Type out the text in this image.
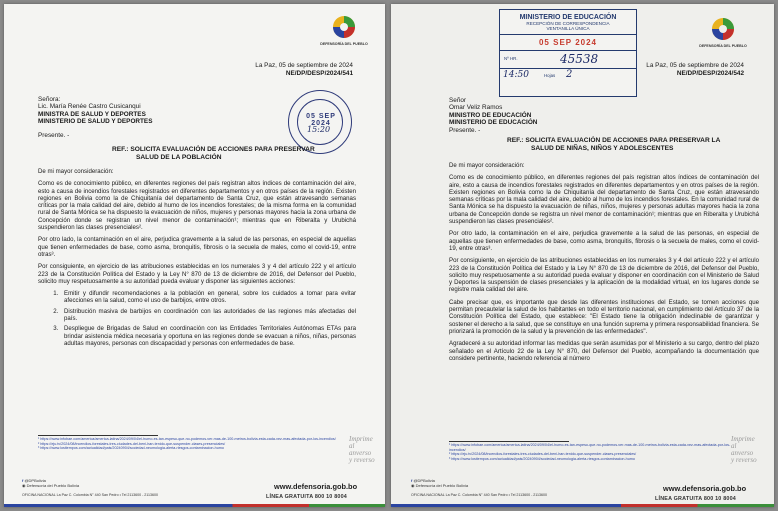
DEFENSORÍA DEL PUEBLO
La Paz, 05 de septiembre de 2024
NE/DP/DESP/2024/541
05 SEP 2024
15:20
Señora:
Lic. María Renée Castro Cusicanqui
MINISTRA DE SALUD Y DEPORTES
MINISTERIO DE SALUD Y DEPORTES
Presente. -
REF.: SOLICITA EVALUACIÓN DE ACCIONES PARA PRESERVAR
SALUD DE LA POBLACIÓN

De mi mayor consideración:

Como es de conocimiento público, en diferentes regiones del país registran altos índices de contaminación del aire, esto a causa de incendios forestales registrados en diferentes departamentos y en otros países de la región. Existen regiones en Bolivia como la de Chiquitanía del departamento de Santa Cruz, que están atravesando semanas críticas por la mala calidad del aire, debido al humo de los incendios forestales; de la misma forma en la comunidad rural de Santa Mónica se ha dispuesto la evacuación de niños, mujeres y personas mayores hacia la zona urbana de Concepción donde se registran un nivel menor de contaminación¹; mientras que en Riberalta y Urubichá suspendieron las clases presenciales².

Por otro lado, la contaminación en el aire, perjudica gravemente a la salud de las personas, en especial de aquellas que tienen enfermedades de base, como asma, bronquitis, fibrosis o la secuela de males, como el covid-19, entre otras³.

Por consiguiente, en ejercicio de las atribuciones establecidas en los numerales 3 y 4 del artículo 222 y el artículo 223 de la Constitución Política del Estado y la Ley N° 870 de 13 de diciembre de 2016, del Defensor del Pueblo, solicito muy respetuosamente a su autoridad pueda evaluar y disponer las siguientes acciones:

1. Emitir y difundir recomendaciones a la población en general, sobre los cuidados a tomar para evitar afecciones en la salud, como el uso de barbijos, entre otros.
2. Distribución masiva de barbijos en coordinación con las autoridades de las regiones más afectadas del país.
3. Despliegue de Brigadas de Salud en coordinación con las Entidades Territoriales Autónomas ETAs para brindar asistencia médica necesaria y oportuna en las regiones donde se evacuan a niños, niñas, personas adultas mayores, personas con discapacidad y personas con enfermedades de base.
¹ https://www.infobae.com/america/america-latina/2024/09/04/el-humo-es-tan-espeso-que-no-podemos-ver-mas-de-100-metros-bolivia-esta-cada-vez-mas-afectada-por-los-incendios/
² https://eju.tv/2024/08/incendios-forestales-tres-ciudades-del-beni-han-tenido-que-suspender-clases-presenciales/
³ https://www.lostiempos.com/actualidad/pais/20240904/sociedad-neumologia-alerta-riesgos-contaminacion-humo
Imprime
al
anverso
y reverso
f @DPBolivia
◉ Defensoría del Pueblo Bolivia
OFICINA NACIONAL La Paz C. Colombia N° 440 San Pedro • Tel 2113600 - 2113600
www.defensoria.gob.bo
LÍNEA GRATUITA 800 10 8004
DEFENSORÍA DEL PUEBLO
MINISTERIO DE EDUCACIÓN
RECEPCIÓN DE CORRESPONDENCIA
VENTANILLA ÚNICA
05 SEP 2024
Nº HR.	45538
14:50	Hojas 2
La Paz, 05 de septiembre de 2024
NE/DP/DESP/2024/542
Señor
Omar Veliz Ramos
MINISTRO DE EDUCACIÓN
MINISTERIO DE EDUCACIÓN
Presente. -
REF.: SOLICITA EVALUACIÓN DE ACCIONES PARA PRESERVAR LA
SALUD DE NIÑAS, NIÑOS Y ADOLESCENTES

De mi mayor consideración:

Como es de conocimiento público, en diferentes regiones del país registran altos índices de contaminación del aire, esto a causa de incendios forestales registrados en diferentes departamentos y en otros países de la región. Existen regiones en Bolivia como la de Chiquitanía del departamento de Santa Cruz, que están atravesando semanas críticas por la mala calidad del aire, debido al humo de los incendios forestales. En la comunidad rural de Santa Mónica se ha dispuesto la evacuación de niñas, niños, mujeres y personas adultas mayores hacia la zona urbana de Concepción donde se registra un nivel menor de contaminación¹; mientras que en Riberalta y Urubichá suspendieron las clases presenciales².

Por otro lado, la contaminación en el aire, perjudica gravemente a la salud de las personas, en especial de aquellas que tienen enfermedades de base, como asma, bronquitis, fibrosis o la secuela de males, como el covid-19, entre otras³.

Por consiguiente, en ejercicio de las atribuciones establecidas en los numerales 3 y 4 del artículo 222 y el artículo 223 de la Constitución Política del Estado y la Ley N° 870 de 13 de diciembre de 2016, del Defensor del Pueblo, solicito muy respetuosamente a su autoridad pueda evaluar y disponer en coordinación con el Ministerio de Salud y Deportes la suspensión de clases presenciales y la aplicación de la modalidad virtual, en los lugares donde se registre mala calidad del aire.

Cabe precisar que, es importante que desde las diferentes instituciones del Estado, se tomen acciones que permitan precautelar la salud de los habitantes en todo el territorio nacional, en cumplimiento del Artículo 37 de la Constitución Política del Estado, que establece: "El Estado tiene la obligación indeclinable de garantizar y sostener el derecho a la salud, que se constituye en una función suprema y primera responsabilidad financiera. Se priorizará la promoción de la salud y la prevención de las enfermedades".

Agradeceré a su autoridad informar las medidas que serán asumidas por el Ministerio a su cargo, dentro del plazo señalado en el Artículo 22 de la Ley N° 870, del Defensor del Pueblo, acompañando la documentación que considere pertinente, haciendo referencia al número

¹ https://www.infobae.com/america/america-latina/2024/09/04/el-humo-es-tan-espeso-que-no-podemos-ver-mas-de-100-metros-bolivia-esta-cada-vez-mas-afectada-por-los-incendios/
² https://eju.tv/2024/08/incendios-forestales-tres-ciudades-del-beni-han-tenido-que-suspender-clases-presenciales/
³ https://www.lostiempos.com/actualidad/pais/20240904/sociedad-neumologia-alerta-riesgos-contaminacion-humo
Imprime
al
anverso
y reverso
f @DPBolivia
◉ Defensoría del Pueblo Bolivia
OFICINA NACIONAL La Paz C. Colombia N° 440 San Pedro • Tel 2113600 - 2113600
www.defensoria.gob.bo
LÍNEA GRATUITA 800 10 8004
